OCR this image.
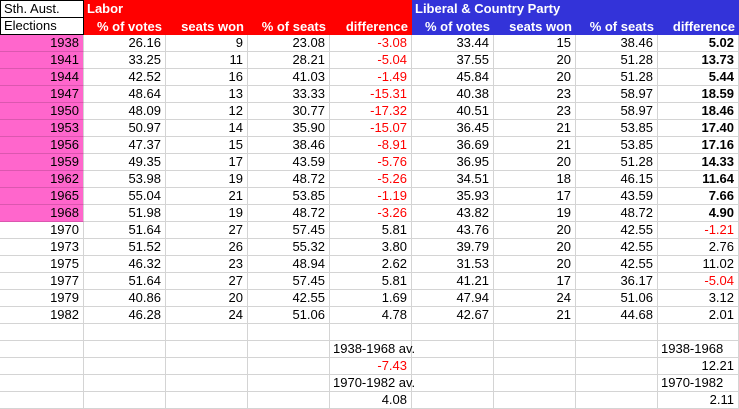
Sth. Aust.	Labor				Liberal & Country Party			
Elections	% of votes	seats won	% of seats	difference	% of votes	seats won	% of seats	difference
1938	26.16	9	23.08	-3.08	33.44	15	38.46	5.02
1941	33.25	11	28.21	-5.04	37.55	20	51.28	13.73
1944	42.52	16	41.03	-1.49	45.84	20	51.28	5.44
1947	48.64	13	33.33	-15.31	40.38	23	58.97	18.59
1950	48.09	12	30.77	-17.32	40.51	23	58.97	18.46
1953	50.97	14	35.90	-15.07	36.45	21	53.85	17.40
1956	47.37	15	38.46	-8.91	36.69	21	53.85	17.16
1959	49.35	17	43.59	-5.76	36.95	20	51.28	14.33
1962	53.98	19	48.72	-5.26	34.51	18	46.15	11.64
1965	55.04	21	53.85	-1.19	35.93	17	43.59	7.66
1968	51.98	19	48.72	-3.26	43.82	19	48.72	4.90
1970	51.64	27	57.45	5.81	43.76	20	42.55	-1.21
1973	51.52	26	55.32	3.80	39.79	20	42.55	2.76
1975	46.32	23	48.94	2.62	31.53	20	42.55	11.02
1977	51.64	27	57.45	5.81	41.21	17	36.17	-5.04
1979	40.86	20	42.55	1.69	47.94	24	51.06	3.12
1982	46.28	24	51.06	4.78	42.67	21	44.68	2.01

				1938-1968 av.				1938-1968
				-7.43				12.21
				1970-1982 av.				1970-1982
				4.08				2.11
